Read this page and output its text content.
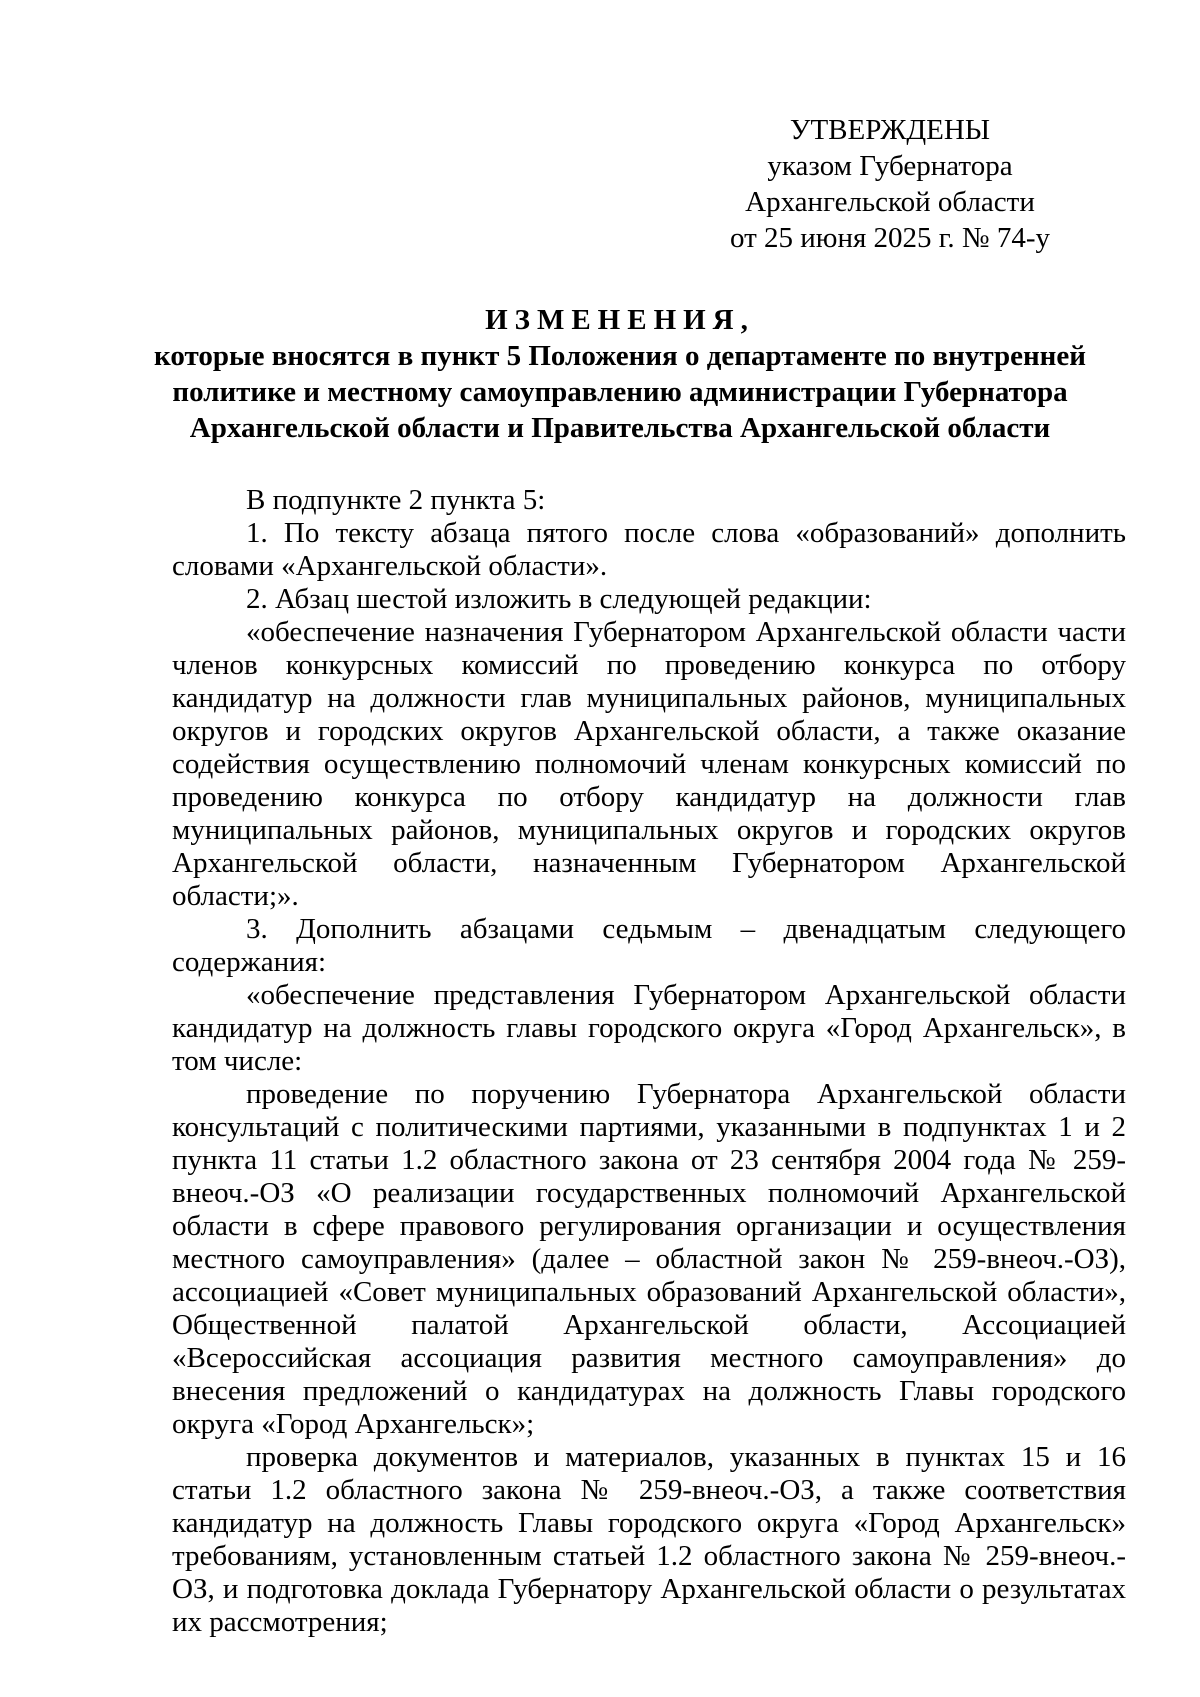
УТВЕРЖДЕНЫ
указом Губернатора
Архангельской области
от 25 июня 2025 г. № 74-у
ИЗМЕНЕНИЯ,
которые вносятся в пункт 5 Положения о департаменте по внутренней политике и местному самоуправлению администрации Губернатора Архангельской области и Правительства Архангельской области

В подпункте 2 пункта 5:

1. По тексту абзаца пятого после слова «образований» дополнить словами «Архангельской области».

2. Абзац шестой изложить в следующей редакции:

«обеспечение назначения Губернатором Архангельской области части членов конкурсных комиссий по проведению конкурса по отбору кандидатур на должности глав муниципальных районов, муниципальных округов и городских округов Архангельской области, а также оказание содействия осуществлению полномочий членам конкурсных комиссий по проведению конкурса по отбору кандидатур на должности глав муниципальных районов, муниципальных округов и городских округов Архангельской области, назначенным Губернатором Архангельской области;».

3. Дополнить абзацами седьмым – двенадцатым следующего содержания:

«обеспечение представления Губернатором Архангельской области кандидатур на должность главы городского округа «Город Архангельск», в том числе:

проведение по поручению Губернатора Архангельской области консультаций с политическими партиями, указанными в подпунктах 1 и 2 пункта 11 статьи 1.2 областного закона от 23 сентября 2004 года № 259-внеоч.-ОЗ «О реализации государственных полномочий Архангельской области в сфере правового регулирования организации и осуществления местного самоуправления» (далее – областной закон № 259-внеоч.-ОЗ), ассоциацией «Совет муниципальных образований Архангельской области», Общественной палатой Архангельской области, Ассоциацией «Всероссийская ассоциация развития местного самоуправления» до внесения предложений о кандидатурах на должность Главы городского округа «Город Архангельск»;

проверка документов и материалов, указанных в пунктах 15 и 16 статьи 1.2 областного закона № 259-внеоч.-ОЗ, а также соответствия кандидатур на должность Главы городского округа «Город Архангельск» требованиям, установленным статьей 1.2 областного закона № 259-внеоч.-ОЗ, и подготовка доклада Губернатору Архангельской области о результатах их рассмотрения;
